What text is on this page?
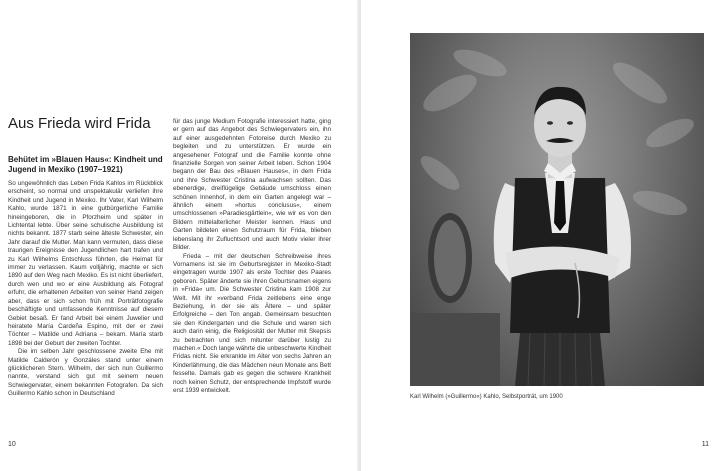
Aus Frieda wird Frida
Behütet im »Blauen Haus«: Kindheit und Jugend in Mexiko (1907–1921)

So ungewöhnlich das Leben Frida Kahlos im Rückblick erscheint, so normal und unspektakulär verliefen ihre Kindheit und Jugend in Mexiko. Ihr Vater, Karl Wilhelm Kahlo, wurde 1871 in eine gutbürgerliche Familie hineingeboren, die in Pforzheim und später in Lichtental lebte. Über seine schulische Ausbildung ist nichts bekannt. 1877 starb seine älteste Schwester, ein Jahr darauf die Mutter. Man kann vermuten, dass diese traurigen Ereignisse den Jugendlichen hart trafen und zu Karl Wilhelms Entschluss führten, die Heimat für immer zu verlassen. Kaum volljährig, machte er sich 1890 auf den Weg nach Mexiko. Es ist nicht überliefert, durch wen und wo er eine Ausbildung als Fotograf erfuhr, die erhaltenen Arbeiten von seiner Hand zeigen aber, dass er sich schon früh mit Porträtfotografie beschäftigte und umfassende Kenntnisse auf diesem Gebiet besaß. Er fand Arbeit bei einem Juwelier und heiratete María Cardeña Espino, mit der er zwei Töchter – Matilde und Adriana – bekam. María starb 1898 bei der Geburt der zweiten Tochter.

Die im selben Jahr geschlossene zweite Ehe mit Matilde Calderón y Gonzáles stand unter einem glücklicheren Stern. Wilhelm, der sich nun Guillermo nannte, verstand sich gut mit seinem neuen Schwiegervater, einem bekannten Fotografen. Da sich Guillermo Kahlo schon in Deutschland

für das junge Medium Fotografie interessiert hatte, ging er gern auf das Angebot des Schwiegervaters ein, ihn auf einer ausgedehnten Fotoreise durch Mexiko zu begleiten und zu unterstützen. Er wurde ein angesehener Fotograf und die Familie konnte ohne finanzielle Sorgen von seiner Arbeit leben. Schon 1904 begann der Bau des »Blauen Hauses«, in dem Frida und ihre Schwester Cristina aufwachsen sollten. Das ebenerdige, dreiflügelige Gebäude umschloss einen schönen Innenhof, in dem ein Garten angelegt war – ähnlich einem »hortus conclusus«, einem umschlossenen »Paradiesgärtlein«, wie wir es von den Bildern mittelalterlicher Meister kennen. Haus und Garten bildeten einen Schutzraum für Frida, blieben lebenslang ihr Zufluchtsort und auch Motiv vieler ihrer Bilder.

Frieda – mit der deutschen Schreibweise ihres Vornamens ist sie im Geburtsregister in Mexiko-Stadt eingetragen wurde 1907 als erste Tochter des Paares geboren. Später änderte sie ihren Geburtsnamen eigens in »Frida« um. Die Schwester Cristina kam 1908 zur Welt. Mit ihr »verband Frida zeitlebens eine enge Beziehung, in der sie als Ältere – und später Erfolgreiche – den Ton angab. Gemeinsam besuchten sie den Kindergarten und die Schule und waren sich auch darin einig, die Religiosität der Mutter mit Skepsis zu betrachten und sich mitunter darüber lustig zu machen.« Doch lange währte die unbeschwerte Kindheit Fridas nicht. Sie erkrankte im Alter von sechs Jahren an Kinderlähmung, die das Mädchen neun Monate ans Bett fesselte. Damals gab es gegen die schwere Krankheit noch keinen Schutz, der entsprechende Impfstoff wurde erst 1939 entwickelt.

10

Karl Wilhelm (»Guillermo«) Kahlo, Selbstporträt, um 1900

11
